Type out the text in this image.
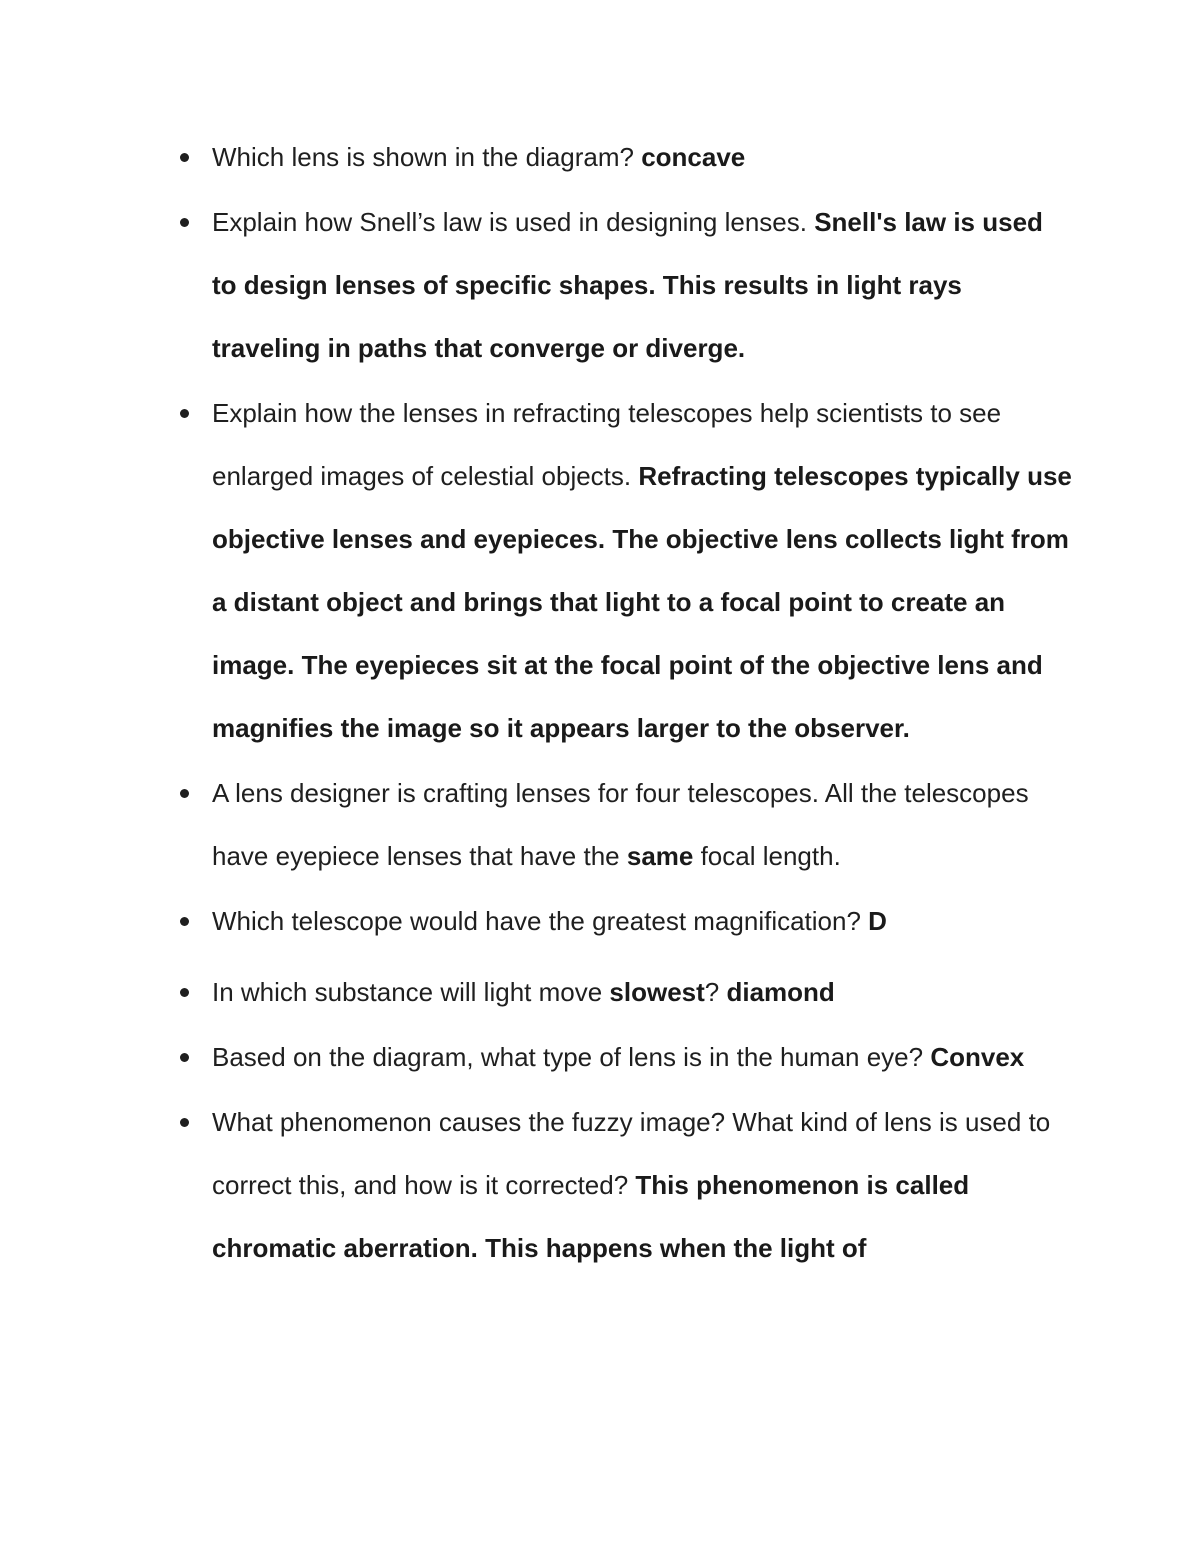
Which lens is shown in the diagram? concave
Explain how Snell’s law is used in designing lenses. Snell's law is used to design lenses of specific shapes. This results in light rays traveling in paths that converge or diverge.
Explain how the lenses in refracting telescopes help scientists to see enlarged images of celestial objects. Refracting telescopes typically use objective lenses and eyepieces. The objective lens collects light from a distant object and brings that light to a focal point to create an image. The eyepieces sit at the focal point of the objective lens and magnifies the image so it appears larger to the observer.
A lens designer is crafting lenses for four telescopes. All the telescopes have eyepiece lenses that have the same focal length.
Which telescope would have the greatest magnification? D
In which substance will light move slowest? diamond
Based on the diagram, what type of lens is in the human eye? Convex
What phenomenon causes the fuzzy image? What kind of lens is used to correct this, and how is it corrected? This phenomenon is called chromatic aberration. This happens when the light of
